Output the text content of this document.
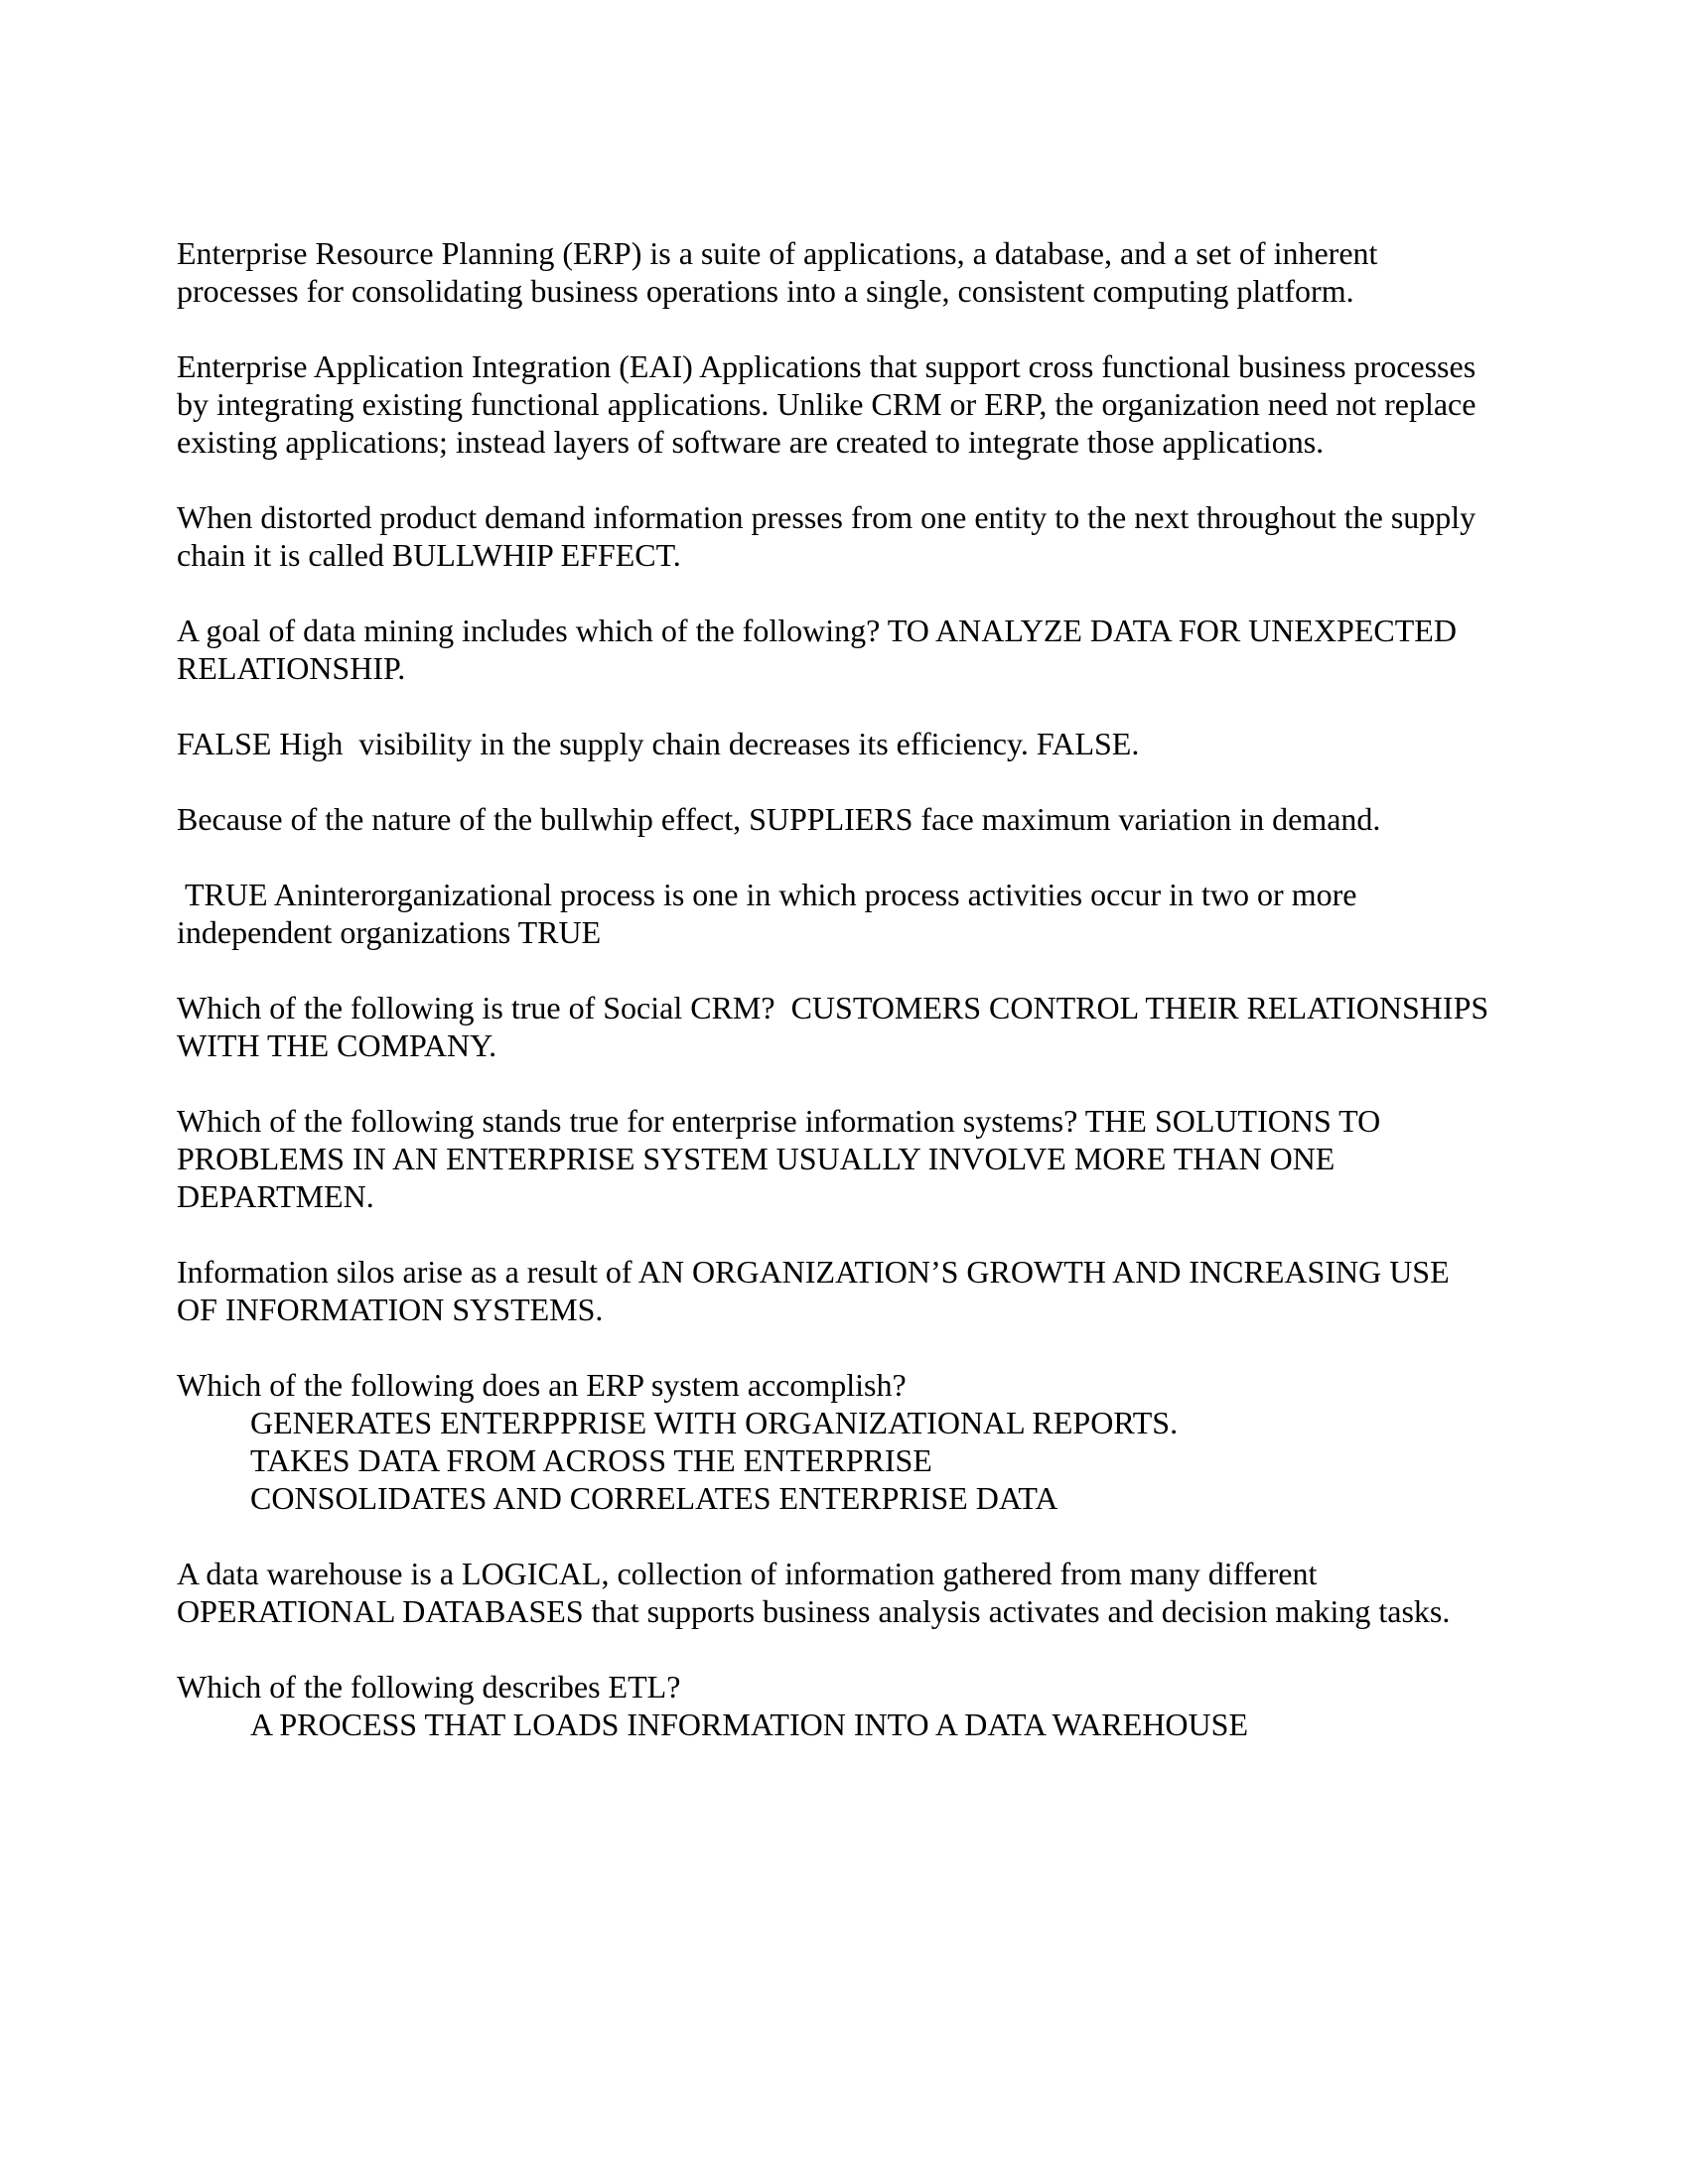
Enterprise Resource Planning (ERP) is a suite of applications, a database, and a set of inherent processes for consolidating business operations into a single, consistent computing platform.

Enterprise Application Integration (EAI) Applications that support cross functional business processes by integrating existing functional applications. Unlike CRM or ERP, the organization need not replace existing applications; instead layers of software are created to integrate those applications.

When distorted product demand information presses from one entity to the next throughout the supply chain it is called BULLWHIP EFFECT.

A goal of data mining includes which of the following? TO ANALYZE DATA FOR UNEXPECTED RELATIONSHIP.

FALSE High  visibility in the supply chain decreases its efficiency. FALSE.

Because of the nature of the bullwhip effect, SUPPLIERS face maximum variation in demand.

TRUE Aninterorganizational process is one in which process activities occur in two or more independent organizations TRUE

Which of the following is true of Social CRM?  CUSTOMERS CONTROL THEIR RELATIONSHIPS WITH THE COMPANY.

Which of the following stands true for enterprise information systems? THE SOLUTIONS TO PROBLEMS IN AN ENTERPRISE SYSTEM USUALLY INVOLVE MORE THAN ONE DEPARTMEN.

Information silos arise as a result of AN ORGANIZATION’S GROWTH AND INCREASING USE OF INFORMATION SYSTEMS.

Which of the following does an ERP system accomplish?
GENERATES ENTERPPRISE WITH ORGANIZATIONAL REPORTS.
TAKES DATA FROM ACROSS THE ENTERPRISE
CONSOLIDATES AND CORRELATES ENTERPRISE DATA

A data warehouse is a LOGICAL, collection of information gathered from many different OPERATIONAL DATABASES that supports business analysis activates and decision making tasks.

Which of the following describes ETL?
A PROCESS THAT LOADS INFORMATION INTO A DATA WAREHOUSE
